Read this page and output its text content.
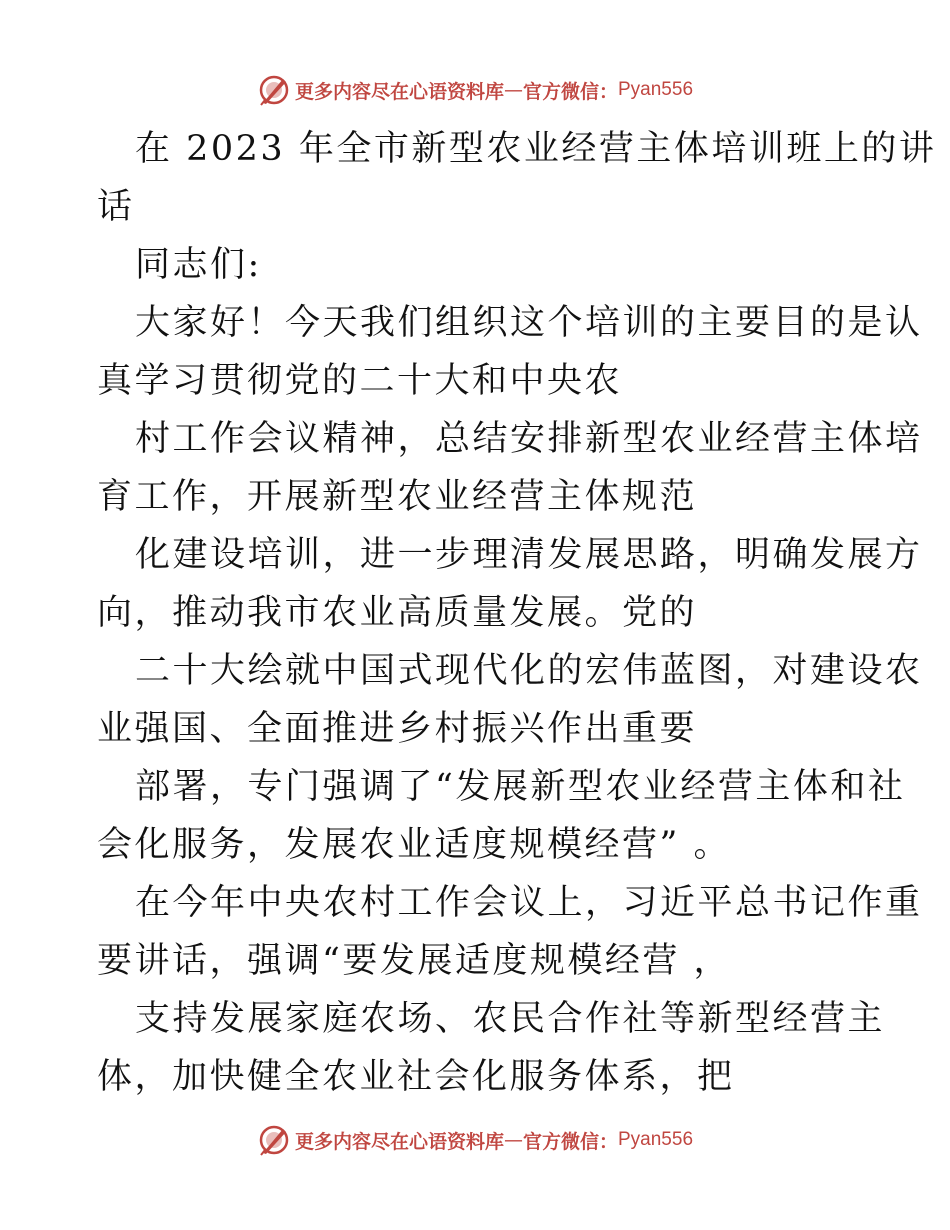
更多内容尽在心语资料库 — 官方微信： Pyan556
在 2023 年全市新型农业经营主体培训班上的讲
话
同志们:
大家好！今天我们组织这个培训的主要目的是认
真学习贯彻党的二十大和中央农
村工作会议精神，总结安排新型农业经营主体培
育工作，开展新型农业经营主体规范
化建设培训，进一步理清发展思路，明确发展方
向，推动我市农业高质量发展。党的
二十大绘就中国式现代化的宏伟蓝图，对建设农
业强国、全面推进乡村振兴作出重要
部署，专门强调了“发展新型农业经营主体和社
会化服务，发展农业适度规模经营” 。
在今年中央农村工作会议上，习近平总书记作重
要讲话，强调“要发展适度规模经营 ，
支持发展家庭农场、农民合作社等新型经营主
体，加快健全农业社会化服务体系，把
更多内容尽在心语资料库 — 官方微信： Pyan556
